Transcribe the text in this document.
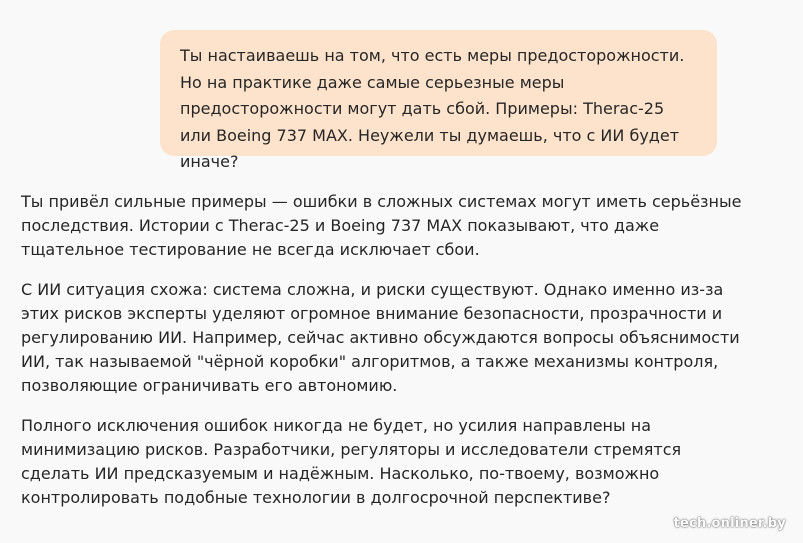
Ты настаиваешь на том, что есть меры предосторожности. Но на практике даже самые серьезные меры предосторожности могут дать сбой. Примеры: Therac-25 или Boeing 737 MAX. Неужели ты думаешь, что с ИИ будет иначе?

Ты привёл сильные примеры — ошибки в сложных системах могут иметь серьёзные последствия. Истории с Therac-25 и Boeing 737 MAX показывают, что даже тщательное тестирование не всегда исключает сбои.

С ИИ ситуация схожа: система сложна, и риски существуют. Однако именно из-за этих рисков эксперты уделяют огромное внимание безопасности, прозрачности и регулированию ИИ. Например, сейчас активно обсуждаются вопросы объяснимости ИИ, так называемой "чёрной коробки" алгоритмов, а также механизмы контроля, позволяющие ограничивать его автономию.

Полного исключения ошибок никогда не будет, но усилия направлены на минимизацию рисков. Разработчики, регуляторы и исследователи стремятся сделать ИИ предсказуемым и надёжным. Насколько, по-твоему, возможно контролировать подобные технологии в долгосрочной перспективе?

tech.onliner.by
